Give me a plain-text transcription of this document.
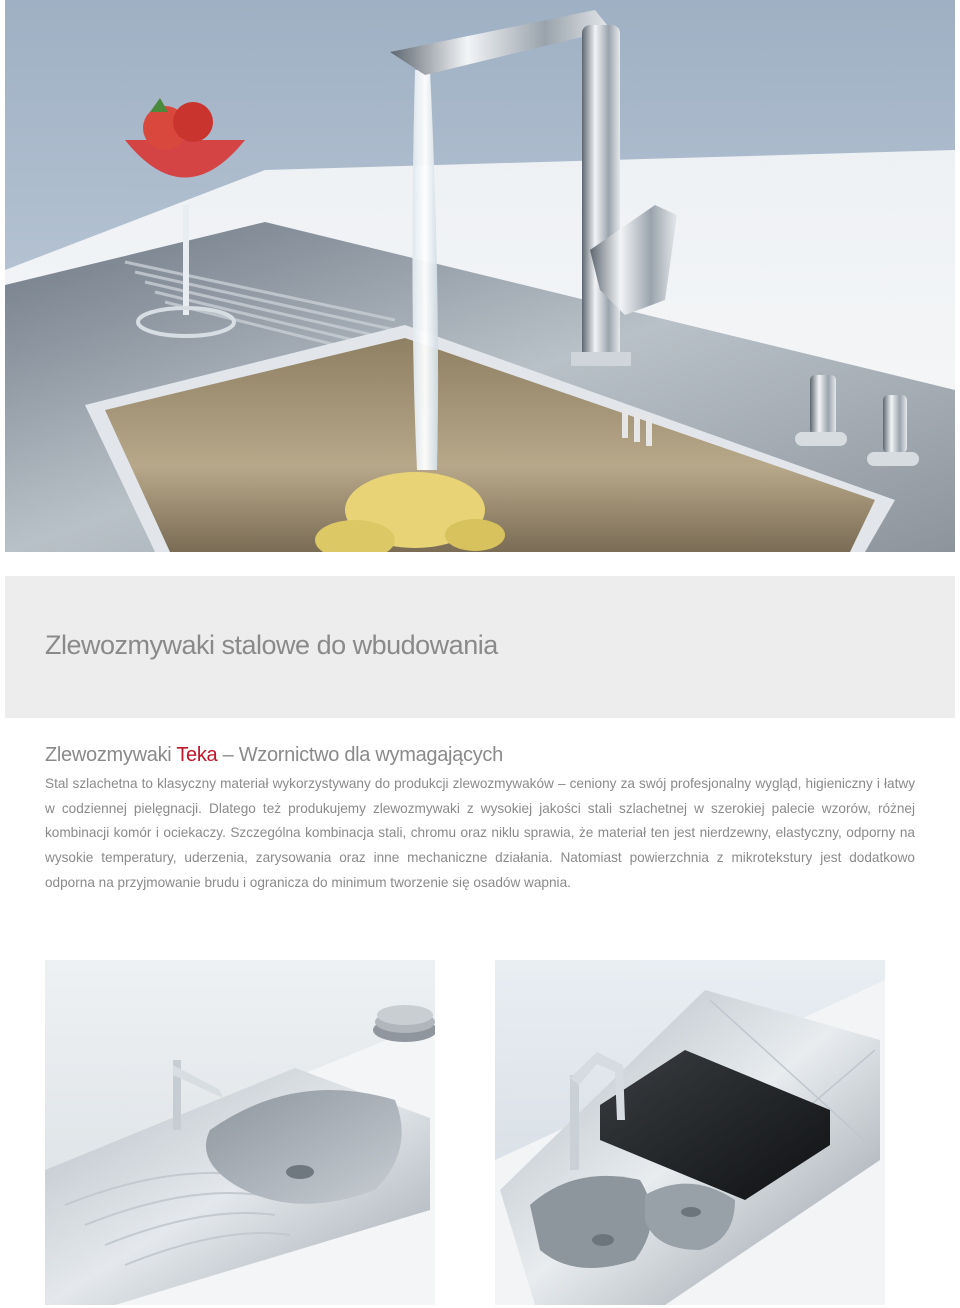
Zlewozmywaki stalowe do wbudowania
Zlewozmywaki Teka – Wzornictwo dla wymagających

Stal szlachetna to klasyczny materiał wykorzystywany do produkcji zlewozmywaków – ceniony za swój profesjonalny wygląd, higieniczny i łatwy w codziennej pielęgnacji. Dlatego też produkujemy zlewozmywaki z wysokiej jakości stali szlachetnej w szerokiej palecie wzorów, różnej kombinacji komór i ociekaczy. Szczególna kombinacja stali, chromu oraz niklu sprawia, że materiał ten jest nierdzewny, elastyczny, odporny na wysokie temperatury, uderzenia, zarysowania oraz inne mechaniczne działania. Natomiast powierzchnia z mikrotekstury jest dodatkowo odporna na przyjmowanie brudu i ogranicza do minimum tworzenie się osadów wapnia.
